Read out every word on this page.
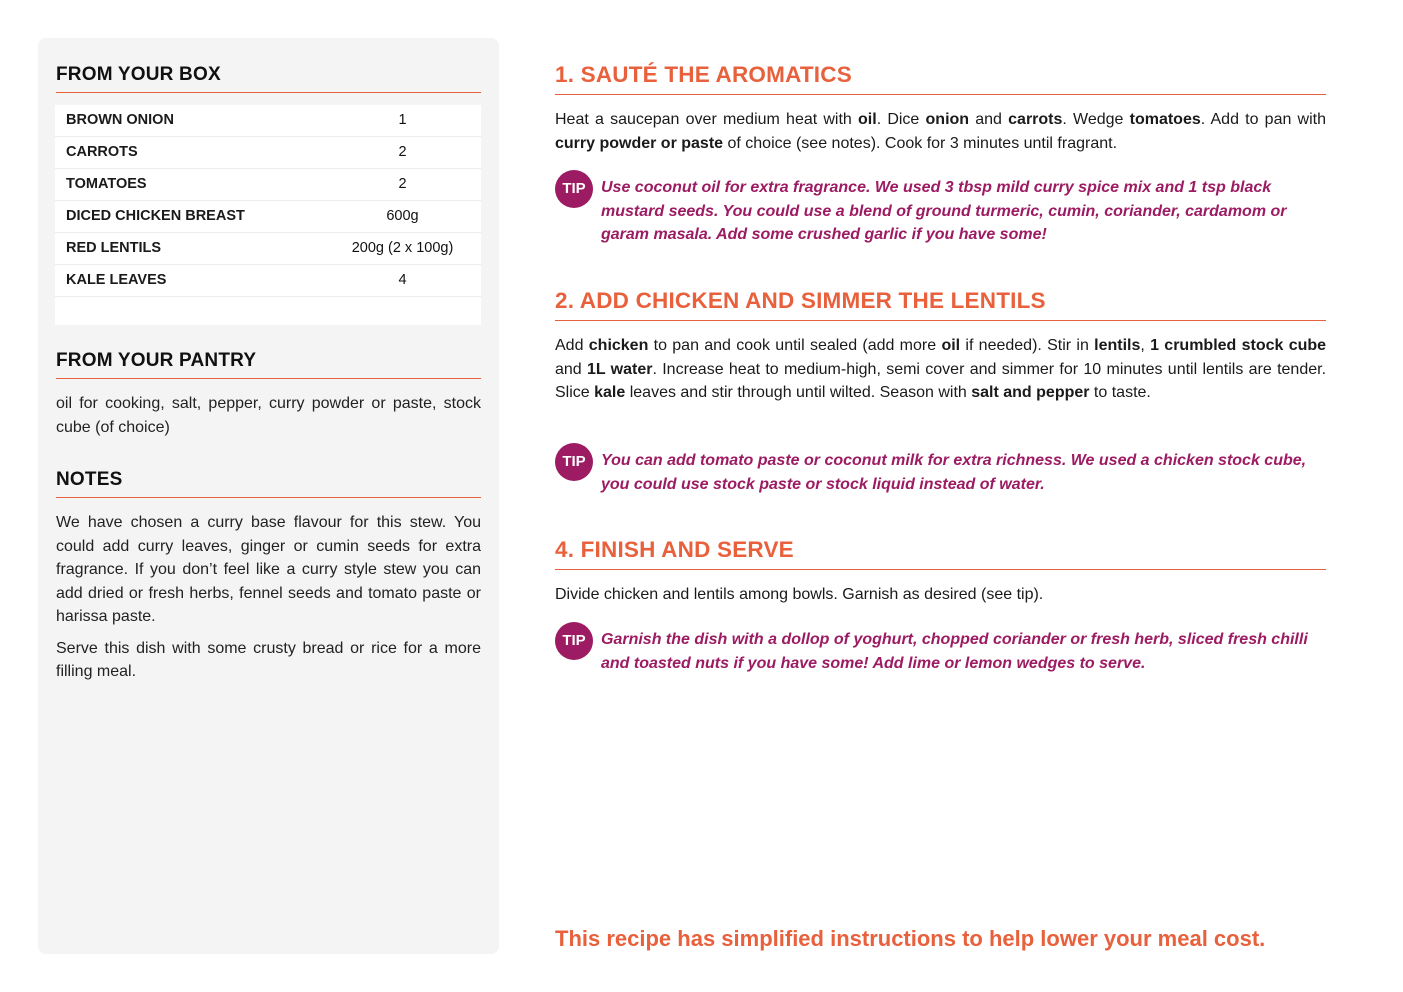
FROM YOUR BOX
BROWN ONION	1
CARROTS	2
TOMATOES	2
DICED CHICKEN BREAST	600g
RED LENTILS	200g (2 x 100g)
KALE LEAVES	4
FROM YOUR PANTRY

oil for cooking, salt, pepper, curry powder or paste, stock cube (of choice)

NOTES

We have chosen a curry base flavour for this stew. You could add curry leaves, ginger or cumin seeds for extra fragrance. If you don’t feel like a curry style stew you can add dried or fresh herbs, fennel seeds and tomato paste or harissa paste.

Serve this dish with some crusty bread or rice for a more filling meal.

1. SAUTÉ THE AROMATICS
Heat a saucepan over medium heat with oil. Dice onion and carrots. Wedge tomatoes. Add to pan with curry powder or paste of choice (see notes). Cook for 3 minutes until fragrant.
TIP Use coconut oil for extra fragrance. We used 3 tbsp mild curry spice mix and 1 tsp black mustard seeds. You could use a blend of ground turmeric, cumin, coriander, cardamom or garam masala. Add some crushed garlic if you have some!
2. ADD CHICKEN AND SIMMER THE LENTILS
Add chicken to pan and cook until sealed (add more oil if needed). Stir in lentils, 1 crumbled stock cube and 1L water. Increase heat to medium-high, semi cover and simmer for 10 minutes until lentils are tender. Slice kale leaves and stir through until wilted. Season with salt and pepper to taste.
TIP You can add tomato paste or coconut milk for extra richness. We used a chicken stock cube, you could use stock paste or stock liquid instead of water.
4. FINISH AND SERVE
Divide chicken and lentils among bowls. Garnish as desired (see tip).
TIP Garnish the dish with a dollop of yoghurt, chopped coriander or fresh herb, sliced fresh chilli and toasted nuts if you have some! Add lime or lemon wedges to serve.
This recipe has simplified instructions to help lower your meal cost.
